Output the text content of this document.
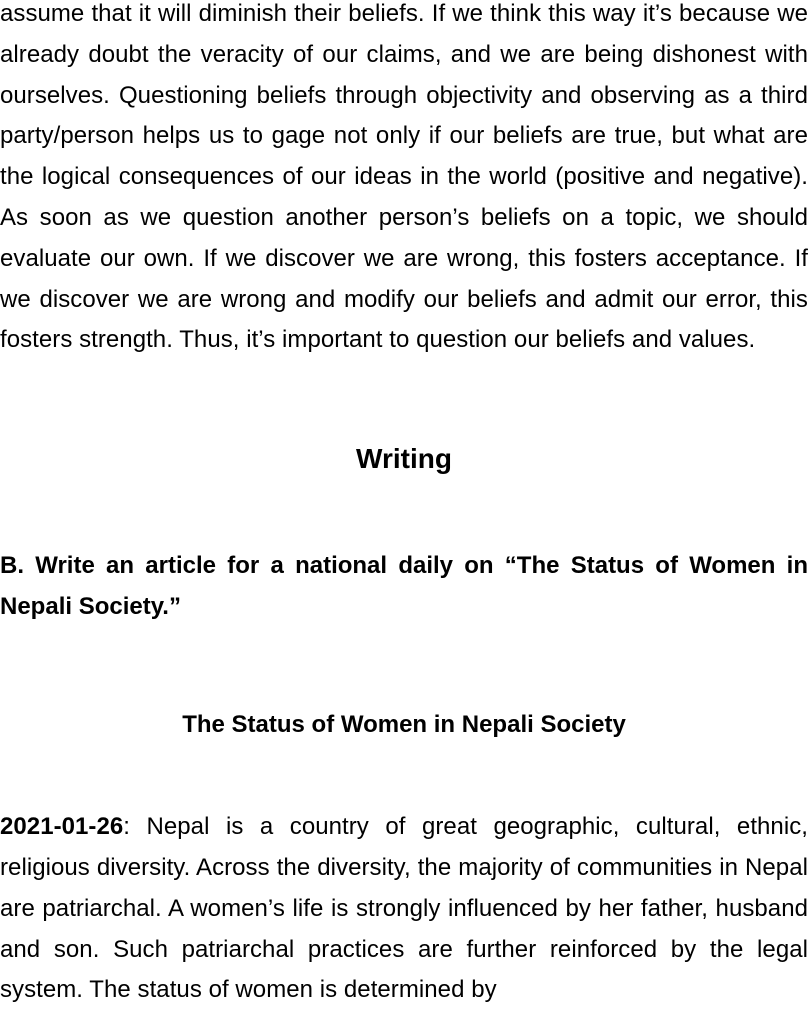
assume that it will diminish their beliefs. If we think this way it’s because we already doubt the veracity of our claims, and we are being dishonest with ourselves. Questioning beliefs through objectivity and observing as a third party/person helps us to gage not only if our beliefs are true, but what are the logical consequences of our ideas in the world (positive and negative). As soon as we question another person’s beliefs on a topic, we should evaluate our own. If we discover we are wrong, this fosters acceptance. If we discover we are wrong and modify our beliefs and admit our error, this fosters strength. Thus, it’s important to question our beliefs and values.

Writing

B. Write an article for a national daily on “The Status of Women in Nepali Society.”

The Status of Women in Nepali Society

2021-01-26: Nepal is a country of great geographic, cultural, ethnic, religious diversity. Across the diversity, the majority of communities in Nepal are patriarchal. A women’s life is strongly influenced by her father, husband and son. Such patriarchal practices are further reinforced by the legal system. The status of women is determined by
